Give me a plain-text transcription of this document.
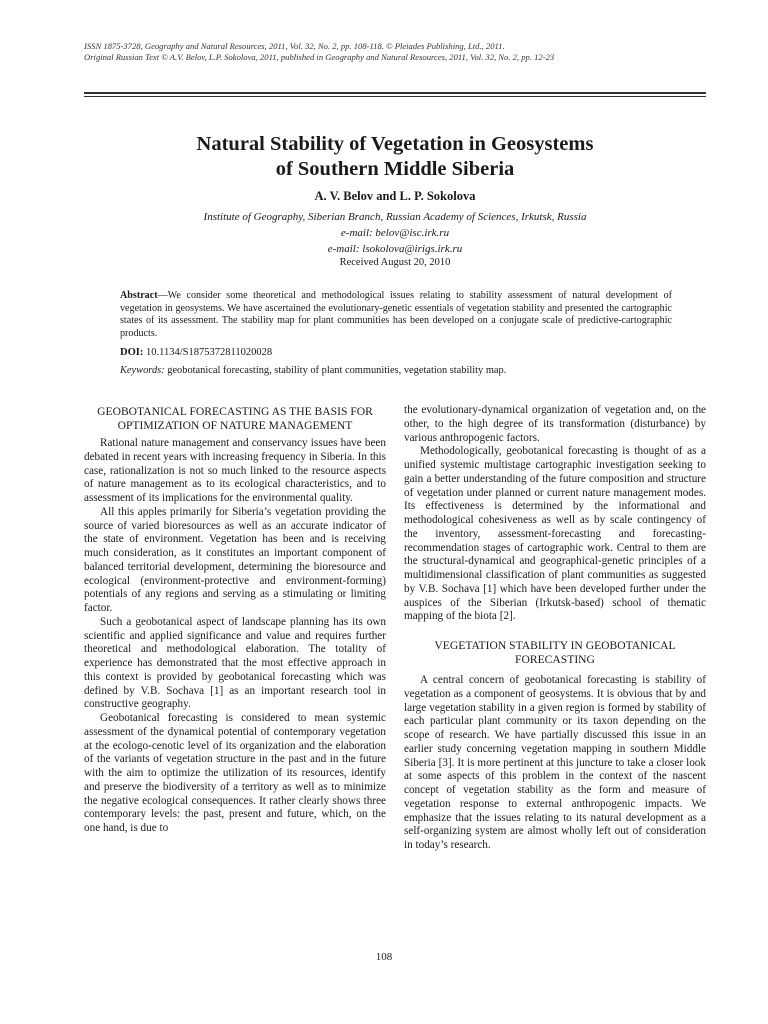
ISSN 1875-3728, Geography and Natural Resources, 2011, Vol. 32, No. 2, pp. 108-118. © Pleiades Publishing, Ltd., 2011.
Original Russian Text © A.V. Belov, L.P. Sokolova, 2011, published in Geography and Natural Resources, 2011, Vol. 32, No. 2, pp. 12-23
Natural Stability of Vegetation in Geosystems
of Southern Middle Siberia
A. V. Belov and L. P. Sokolova
Institute of Geography, Siberian Branch, Russian Academy of Sciences, Irkutsk, Russia
e-mail: belov@isc.irk.ru
e-mail: lsokolova@irigs.irk.ru
Received August 20, 2010
Abstract—We consider some theoretical and methodological issues relating to stability assessment of natural development of vegetation in geosystems. We have ascertained the evolutionary-genetic essentials of vegetation stability and presented the cartographic states of its assessment. The stability map for plant communities has been developed on a conjugate scale of predictive-cartographic products.
DOI: 10.1134/S1875372811020028
Keywords: geobotanical forecasting, stability of plant communities, vegetation stability map.
GEOBOTANICAL FORECASTING AS THE BASIS FOR OPTIMIZATION OF NATURE MANAGEMENT

Rational nature management and conservancy issues have been debated in recent years with increasing frequency in Siberia. In this case, rationalization is not so much linked to the resource aspects of nature management as to its ecological characteristics, and to assessment of its implications for the environmental quality.

All this apples primarily for Siberia’s vegetation providing the source of varied bioresources as well as an accurate indicator of the state of environment. Vegetation has been and is receiving much consideration, as it constitutes an important component of balanced territorial development, determining the bioresource and ecological (environment-protective and environment-forming) potentials of any regions and serving as a stimulating or limiting factor.

Such a geobotanical aspect of landscape planning has its own scientific and applied significance and value and requires further theoretical and methodological elaboration. The totality of experience has demonstrated that the most effective approach in this context is provided by geobotanical forecasting which was defined by V.B. Sochava [1] as an important research tool in constructive geography.

Geobotanical forecasting is considered to mean systemic assessment of the dynamical potential of contemporary vegetation at the ecologo-cenotic level of its organization and the elaboration of the variants of vegetation structure in the past and in the future with the aim to optimize the utilization of its resources, identify and preserve the biodiversity of a territory as well as to minimize the negative ecological consequences. It rather clearly shows three contemporary levels: the past, present and future, which, on the one hand, is due to

the evolutionary-dynamical organization of vegetation and, on the other, to the high degree of its transformation (disturbance) by various anthropogenic factors.

Methodologically, geobotanical forecasting is thought of as a unified systemic multistage cartographic investigation seeking to gain a better understanding of the future composition and structure of vegetation under planned or current nature management modes. Its effectiveness is determined by the informational and methodological cohesiveness as well as by scale contingency of the inventory, assessment-forecasting and forecasting-recommendation stages of cartographic work. Central to them are the structural-dynamical and geographical-genetic principles of a multidimensional classification of plant communities as suggested by V.B. Sochava [1] which have been developed further under the auspices of the Siberian (Irkutsk-based) school of thematic mapping of the biota [2].

VEGETATION STABILITY IN GEOBOTANICAL FORECASTING

A central concern of geobotanical forecasting is stability of vegetation as a component of geosystems. It is obvious that by and large vegetation stability in a given region is formed by stability of each particular plant community or its taxon depending on the scope of research. We have partially discussed this issue in an earlier study concerning vegetation mapping in southern Middle Siberia [3]. It is more pertinent at this juncture to take a closer look at some aspects of this problem in the context of the nascent concept of vegetation stability as the form and measure of vegetation response to external anthropogenic impacts. We emphasize that the issues relating to its natural development as a self-organizing system are almost wholly left out of consideration in today’s research.

108
